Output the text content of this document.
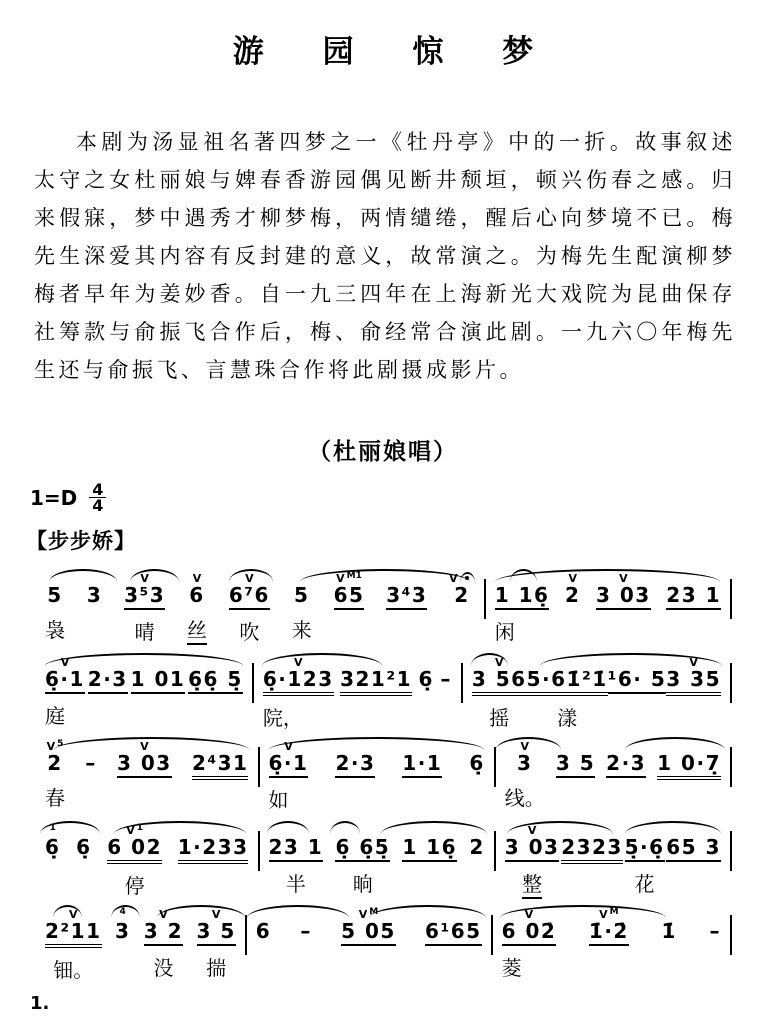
游 园 惊 梦

本剧为汤显祖名著四梦之一《牡丹亭》中的一折。故事叙述太守之女杜丽娘与婢春香游园偶见断井颓垣，顿兴伤春之感。归来假寐，梦中遇秀才柳梦梅，两情缱绻，醒后心向梦境不已。梅先生深爱其内容有反封建的意义，故常演之。为梅先生配演柳梦梅者早年为姜妙香。自一九三四年在上海新光大戏院为昆曲保存社筹款与俞振飞合作后，梅、俞经常合演此剧。一九六〇年梅先生还与俞振飞、言慧珠合作将此剧摄成影片。

（杜丽娘唱）
1=D 4
4
【步步娇】
5
袅
3
V
3⁵3
晴
V
6
丝
V
6⁷6
吹
5
来
V M1
65 3⁴3
V
2 1 16̣
闲
V
2
V
3 03 23 1
V
6̣·1
庭
2·3 1 01 6̣6̣ 5̣
V
6̣·123
院，
321²1 6̣ –
V
3 56
摇
5·61̇²1̇
漾
¹6· 5
V
3 35
V 5
2
春
–
V
3 03 2⁴31
V
6̣·1
如
2·3 1·1 6̣
V
3
线。
3 5 2·3 1 0·7̣
1
6̣ 6̣
V 1
6 02
停
1·233 23 1
半
6̣ 6̣5̣
晌
1 16̣ 2
V
3 03
整
2323 5̣·6̣
花
65 3
V
2²11
钿。
4
3
V
3 2
没
V
3 5
揣
6 –
V M
5 05 6¹65
V
6 02̇
菱
V M
1̇·2̇ 1̇ –
1.
